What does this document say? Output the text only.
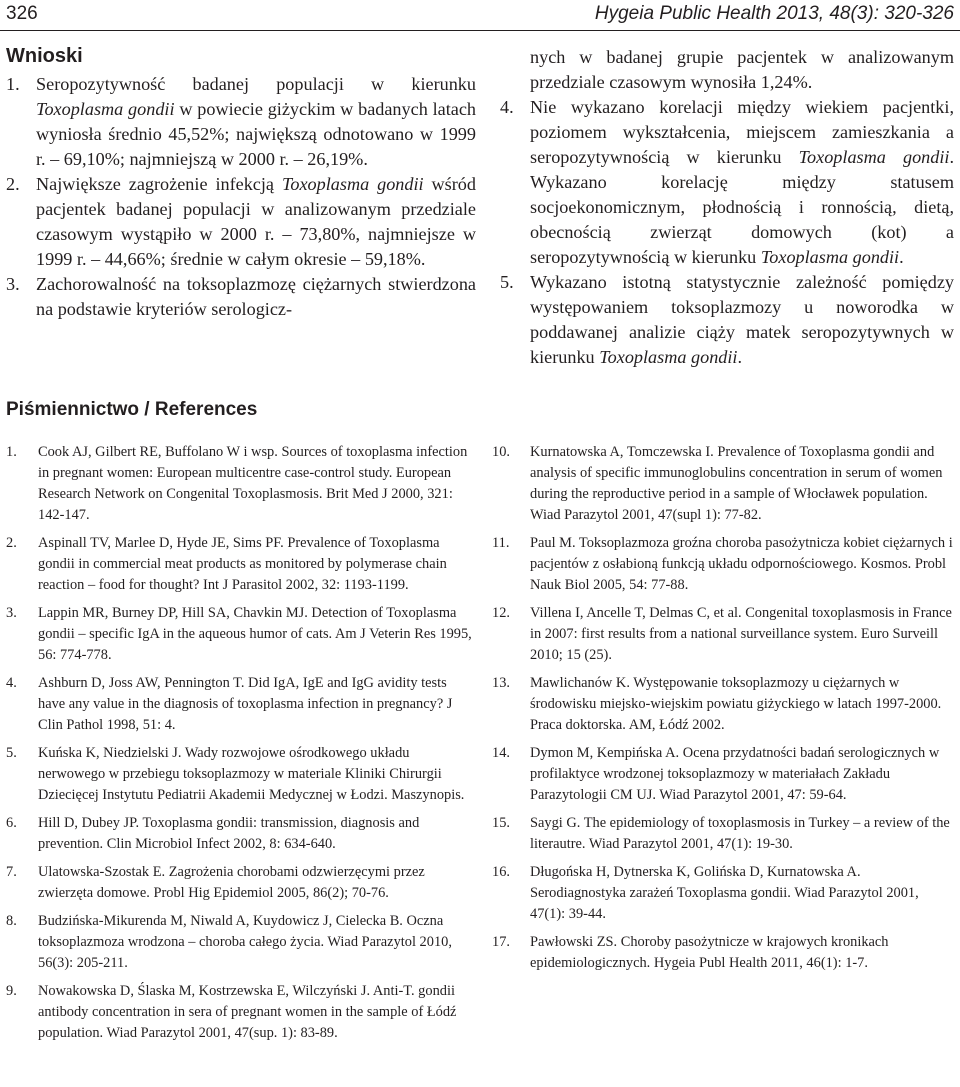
326	Hygeia Public Health 2013, 48(3): 320-326
Wnioski

1. Seropozytywność badanej populacji w kierunku Toxoplasma gondii w powiecie giżyckim w badanych latach wyniosła średnio 45,52%; największą odnotowano w 1999 r. – 69,10%; najmniejszą w 2000 r. – 26,19%.

2. Największe zagrożenie infekcją Toxoplasma gondii wśród pacjentek badanej populacji w analizowanym przedziale czasowym wystąpiło w 2000 r. – 73,80%, najmniejsze w 1999 r. – 44,66%; średnie w całym okresie – 59,18%.

3. Zachorowalność na toksoplazmozę ciężarnych stwierdzona na podstawie kryteriów serologicz-

nych w badanej grupie pacjentek w analizowanym przedziale czasowym wynosiła 1,24%.

4. Nie wykazano korelacji między wiekiem pacjentki, poziomem wykształcenia, miejscem zamieszkania a seropozytywnością w kierunku Toxoplasma gondii. Wykazano korelację między statusem socjoekonomicznym, płodnością i ronnością, dietą, obecnością zwierząt domowych (kot) a seropozytywnością w kierunku Toxoplasma gondii.

5. Wykazano istotną statystycznie zależność pomiędzy występowaniem toksoplazmozy u noworodka w poddawanej analizie ciąży matek seropozytywnych w kierunku Toxoplasma gondii.

Piśmiennictwo / References

1. Cook AJ, Gilbert RE, Buffolano W i wsp. Sources of toxoplasma infection in pregnant women: European multicentre case-control study. European Research Network on Congenital Toxoplasmosis. Brit Med J 2000, 321: 142-147.

2. Aspinall TV, Marlee D, Hyde JE, Sims PF. Prevalence of Toxoplasma gondii in commercial meat products as monitored by polymerase chain reaction – food for thought? Int J Parasitol 2002, 32: 1193-1199.

3. Lappin MR, Burney DP, Hill SA, Chavkin MJ. Detection of Toxoplasma gondii – specific IgA in the aqueous humor of cats. Am J Veterin Res 1995, 56: 774-778.

4. Ashburn D, Joss AW, Pennington T. Did IgA, IgE and IgG avidity tests have any value in the diagnosis of toxoplasma infection in pregnancy? J Clin Pathol 1998, 51: 4.

5. Kuńska K, Niedzielski J. Wady rozwojowe ośrodkowego układu nerwowego w przebiegu toksoplazmozy w materiale Kliniki Chirurgii Dziecięcej Instytutu Pediatrii Akademii Medycznej w Łodzi. Maszynopis.

6. Hill D, Dubey JP. Toxoplasma gondii: transmission, diagnosis and prevention. Clin Microbiol Infect 2002, 8: 634-640.

7. Ulatowska-Szostak E. Zagrożenia chorobami odzwierzęcymi przez zwierzęta domowe. Probl Hig Epidemiol 2005, 86(2); 70-76.

8. Budzińska-Mikurenda M, Niwald A, Kuydowicz J, Cielecka B. Oczna toksoplazmoza wrodzona – choroba całego życia. Wiad Parazytol 2010, 56(3): 205-211.

9. Nowakowska D, Ślaska M, Kostrzewska E, Wilczyński J. Anti-T. gondii antibody concentration in sera of pregnant women in the sample of Łódź population. Wiad Parazytol 2001, 47(sup. 1): 83-89.

10. Kurnatowska A, Tomczewska I. Prevalence of Toxoplasma gondii and analysis of specific immunoglobulins concentration in serum of women during the reproductive period in a sample of Włocławek population. Wiad Parazytol 2001, 47(supl 1): 77-82.

11. Paul M. Toksoplazmoza groźna choroba pasożytnicza kobiet ciężarnych i pacjentów z osłabioną funkcją układu odpornościowego. Kosmos. Probl Nauk Biol 2005, 54: 77-88.

12. Villena I, Ancelle T, Delmas C, et al. Congenital toxoplasmosis in France in 2007: first results from a national surveillance system. Euro Surveill 2010; 15 (25).

13. Mawlichanów K. Występowanie toksoplazmozy u ciężarnych w środowisku miejsko-wiejskim powiatu giżyckiego w latach 1997-2000. Praca doktorska. AM, Łódź 2002.

14. Dymon M, Kempińska A. Ocena przydatności badań serologicznych w profilaktyce wrodzonej toksoplazmozy w materiałach Zakładu Parazytologii CM UJ. Wiad Parazytol 2001, 47: 59-64.

15. Saygi G. The epidemiology of toxoplasmosis in Turkey – a review of the literautre. Wiad Parazytol 2001, 47(1): 19-30.

16. Długońska H, Dytnerska K, Golińska D, Kurnatowska A. Serodiagnostyka zarażeń Toxoplasma gondii. Wiad Parazytol 2001, 47(1): 39-44.

17. Pawłowski ZS. Choroby pasożytnicze w krajowych kronikach epidemiologicznych. Hygeia Publ Health 2011, 46(1): 1-7.
